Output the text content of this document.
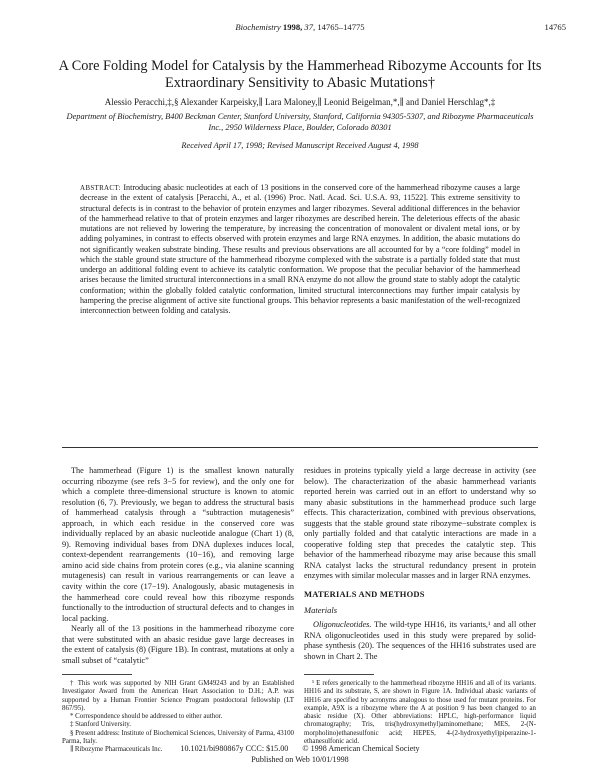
Biochemistry 1998, 37, 14765–14775	14765
A Core Folding Model for Catalysis by the Hammerhead Ribozyme Accounts for Its Extraordinary Sensitivity to Abasic Mutations†
Alessio Peracchi,‡,§ Alexander Karpeisky,∥ Lara Maloney,∥ Leonid Beigelman,*,∥ and Daniel Herschlag*,‡
Department of Biochemistry, B400 Beckman Center, Stanford University, Stanford, California 94305-5307, and Ribozyme Pharmaceuticals Inc., 2950 Wilderness Place, Boulder, Colorado 80301
Received April 17, 1998; Revised Manuscript Received August 4, 1998

ABSTRACT: Introducing abasic nucleotides at each of 13 positions in the conserved core of the hammerhead ribozyme causes a large decrease in the extent of catalysis [Peracchi, A., et al. (1996) Proc. Natl. Acad. Sci. U.S.A. 93, 11522]. This extreme sensitivity to structural defects is in contrast to the behavior of protein enzymes and larger ribozymes. Several additional differences in the behavior of the hammerhead relative to that of protein enzymes and larger ribozymes are described herein. The deleterious effects of the abasic mutations are not relieved by lowering the temperature, by increasing the concentration of monovalent or divalent metal ions, or by adding polyamines, in contrast to effects observed with protein enzymes and large RNA enzymes. In addition, the abasic mutations do not significantly weaken substrate binding. These results and previous observations are all accounted for by a “core folding” model in which the stable ground state structure of the hammerhead ribozyme complexed with the substrate is a partially folded state that must undergo an additional folding event to achieve its catalytic conformation. We propose that the peculiar behavior of the hammerhead arises because the limited structural interconnections in a small RNA enzyme do not allow the ground state to stably adopt the catalytic conformation; within the globally folded catalytic conformation, limited structural interconnections may further impair catalysis by hampering the precise alignment of active site functional groups. This behavior represents a basic manifestation of the well-recognized interconnection between folding and catalysis.

The hammerhead (Figure 1) is the smallest known naturally occurring ribozyme (see refs 3−5 for review), and the only one for which a complete three-dimensional structure is known to atomic resolution (6, 7). Previously, we began to address the structural basis of hammerhead catalysis through a “subtraction mutagenesis” approach, in which each residue in the conserved core was individually replaced by an abasic nucleotide analogue (Chart 1) (8, 9). Removing individual bases from DNA duplexes induces local, context-dependent rearrangements (10−16), and removing large amino acid side chains from protein cores (e.g., via alanine scanning mutagenesis) can result in various rearrangements or can leave a cavity within the core (17−19). Analogously, abasic mutagenesis in the hammerhead core could reveal how this ribozyme responds functionally to the introduction of structural defects and to changes in local packing.

Nearly all of the 13 positions in the hammerhead ribozyme core that were substituted with an abasic residue gave large decreases in the extent of catalysis (8) (Figure 1B). In contrast, mutations at only a small subset of “catalytic”

residues in proteins typically yield a large decrease in activity (see below). The characterization of the abasic hammerhead variants reported herein was carried out in an effort to understand why so many abasic substitutions in the hammerhead produce such large effects. This characterization, combined with previous observations, suggests that the stable ground state ribozyme−substrate complex is only partially folded and that catalytic interactions are made in a cooperative folding step that precedes the catalytic step. This behavior of the hammerhead ribozyme may arise because this small RNA catalyst lacks the structural redundancy present in protein enzymes with similar molecular masses and in larger RNA enzymes.

MATERIALS AND METHODS
Materials

Oligonucleotides. The wild-type HH16, its variants,¹ and all other RNA oligonucleotides used in this study were prepared by solid-phase synthesis (20). The sequences of the HH16 substrates used are shown in Chart 2. The

† This work was supported by NIH Grant GM49243 and by an Established Investigator Award from the American Heart Association to D.H.; A.P. was supported by a Human Frontier Science Program postdoctoral fellowship (LT 867/95).

* Correspondence should be addressed to either author.

‡ Stanford University.

§ Present address: Institute of Biochemical Sciences, University of Parma, 43100 Parma, Italy.

∥ Ribozyme Pharmaceuticals Inc.

¹ E refers generically to the hammerhead ribozyme HH16 and all of its variants. HH16 and its substrate, S, are shown in Figure 1A. Individual abasic variants of HH16 are specified by acronyms analogous to those used for mutant proteins. For example, A9X is a ribozyme where the A at position 9 has been changed to an abasic residue (X). Other abbreviations: HPLC, high-performance liquid chromatography; Tris, tris(hydroxymethyl)aminomethane; MES, 2-(N-morpholino)ethanesulfonic acid; HEPES, 4-(2-hydroxyethyl)piperazine-1-ethanesulfonic acid.

10.1021/bi980867y CCC: $15.00 © 1998 American Chemical Society
Published on Web 10/01/1998
